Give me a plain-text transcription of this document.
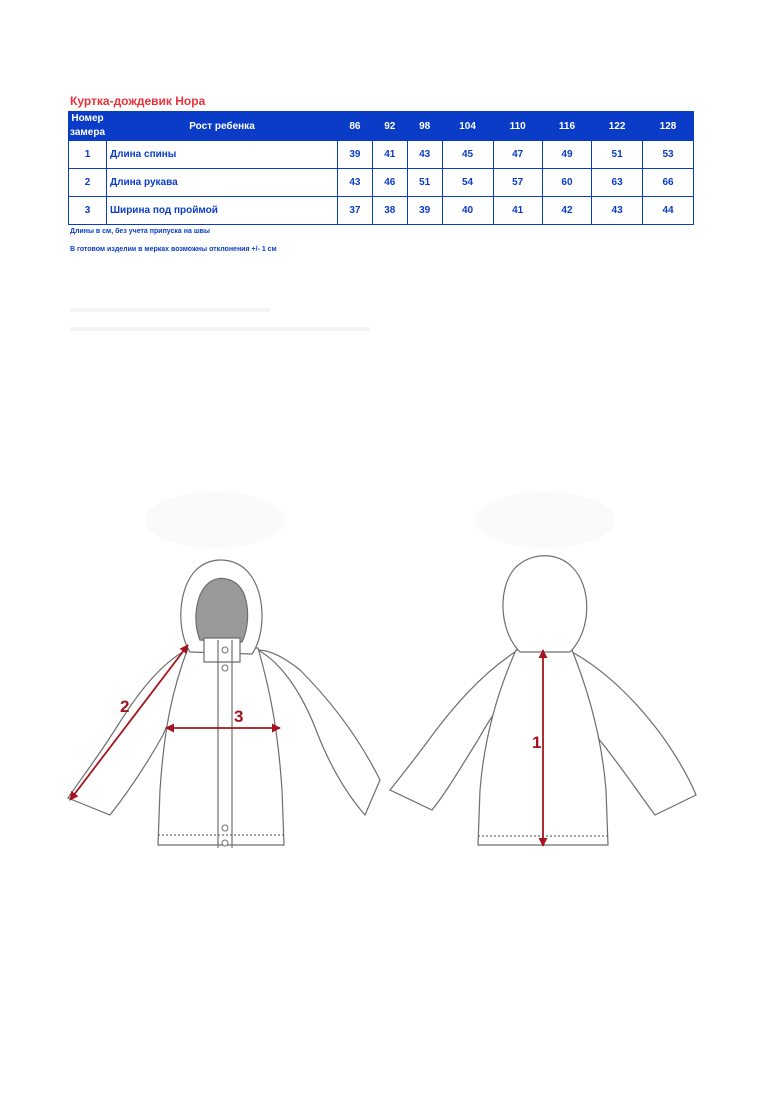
Куртка-дождевик Нора
Номер
замера	Рост ребенка	86	92	98	104	110	116	122	128
1	Длина спины	39	41	43	45	47	49	51	53
2	Длина рукава	43	46	51	54	57	60	63	66
3	Ширина под проймой	37	38	39	40	41	42	43	44
Длины в см, без учета припуска на швы
В готовом изделии в мерках возможны отклонения +/- 1 см
2
3
1
